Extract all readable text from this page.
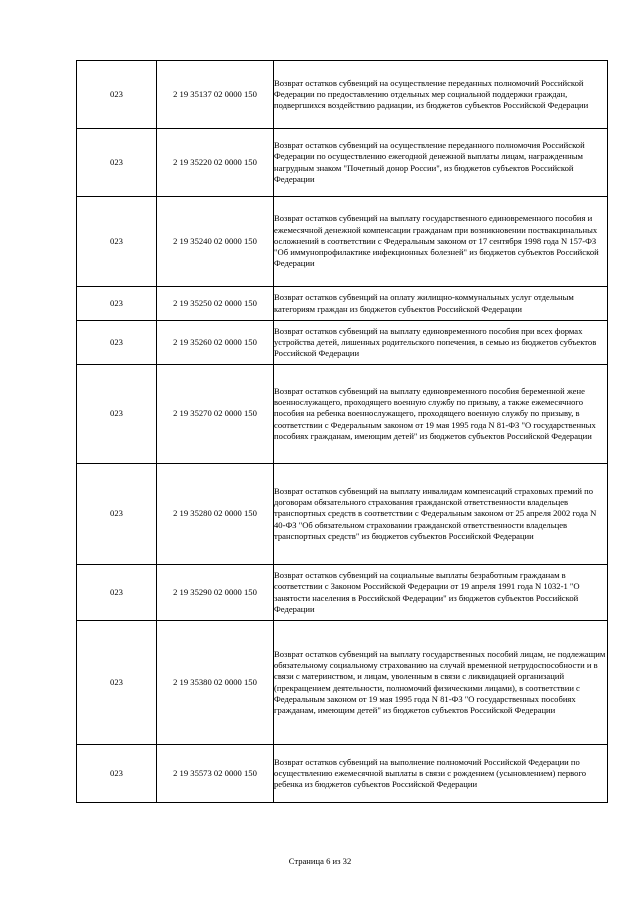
023	2 19 35137 02 0000 150	Возврат остатков субвенций на осуществление переданных полномочий Российской Федерации по предоставлению отдельных мер социальной поддержки граждан, подвергшихся воздействию радиации, из бюджетов субъектов Российской Федерации
023	2 19 35220 02 0000 150	Возврат остатков субвенций на осуществление переданного полномочия Российской Федерации по осуществлению ежегодной денежной выплаты лицам, награжденным нагрудным знаком "Почетный донор России", из бюджетов субъектов Российской Федерации
023	2 19 35240 02 0000 150	Возврат остатков субвенций на выплату государственного единовременного пособия и ежемесячной денежной компенсации гражданам при возникновении поствакцинальных осложнений в соответствии с Федеральным законом от 17 сентября 1998 года N 157-ФЗ "Об иммунопрофилактике инфекционных болезней" из бюджетов субъектов Российской Федерации
023	2 19 35250 02 0000 150	Возврат остатков субвенций на оплату жилищно-коммунальных услуг отдельным категориям граждан из бюджетов субъектов Российской Федерации
023	2 19 35260 02 0000 150	Возврат остатков субвенций на выплату единовременного пособия при всех формах устройства детей, лишенных родительского попечения, в семью из бюджетов субъектов Российской Федерации
023	2 19 35270 02 0000 150	Возврат остатков субвенций на выплату единовременного пособия беременной жене военнослужащего, проходящего военную службу по призыву, а также ежемесячного пособия на ребенка военнослужащего, проходящего военную службу по призыву, в соответствии с Федеральным законом от 19 мая 1995 года N 81-ФЗ "О государственных пособиях гражданам, имеющим детей" из бюджетов субъектов Российской Федерации
023	2 19 35280 02 0000 150	Возврат остатков субвенций на выплату инвалидам компенсаций страховых премий по договорам обязательного страхования гражданской ответственности владельцев транспортных средств в соответствии с Федеральным законом от 25 апреля 2002 года N 40-ФЗ "Об обязательном страховании гражданской ответственности владельцев транспортных средств" из бюджетов субъектов Российской Федерации
023	2 19 35290 02 0000 150	Возврат остатков субвенций на социальные выплаты безработным гражданам в соответствии с Законом Российской Федерации от 19 апреля 1991 года N 1032-1 "О занятости населения в Российской Федерации" из бюджетов субъектов Российской Федерации
023	2 19 35380 02 0000 150	Возврат остатков субвенций на выплату государственных пособий лицам, не подлежащим обязательному социальному страхованию на случай временной нетрудоспособности и в связи с материнством, и лицам, уволенным в связи с ликвидацией организаций (прекращением деятельности, полномочий физическими лицами), в соответствии с Федеральным законом от 19 мая 1995 года N 81-ФЗ "О государственных пособиях гражданам, имеющим детей" из бюджетов субъектов Российской Федерации
023	2 19 35573 02 0000 150	Возврат остатков субвенций на выполнение полномочий Российской Федерации по осуществлению ежемесячной выплаты в связи с рождением (усыновлением) первого ребенка из бюджетов субъектов Российской Федерации
Страница 6 из 32
